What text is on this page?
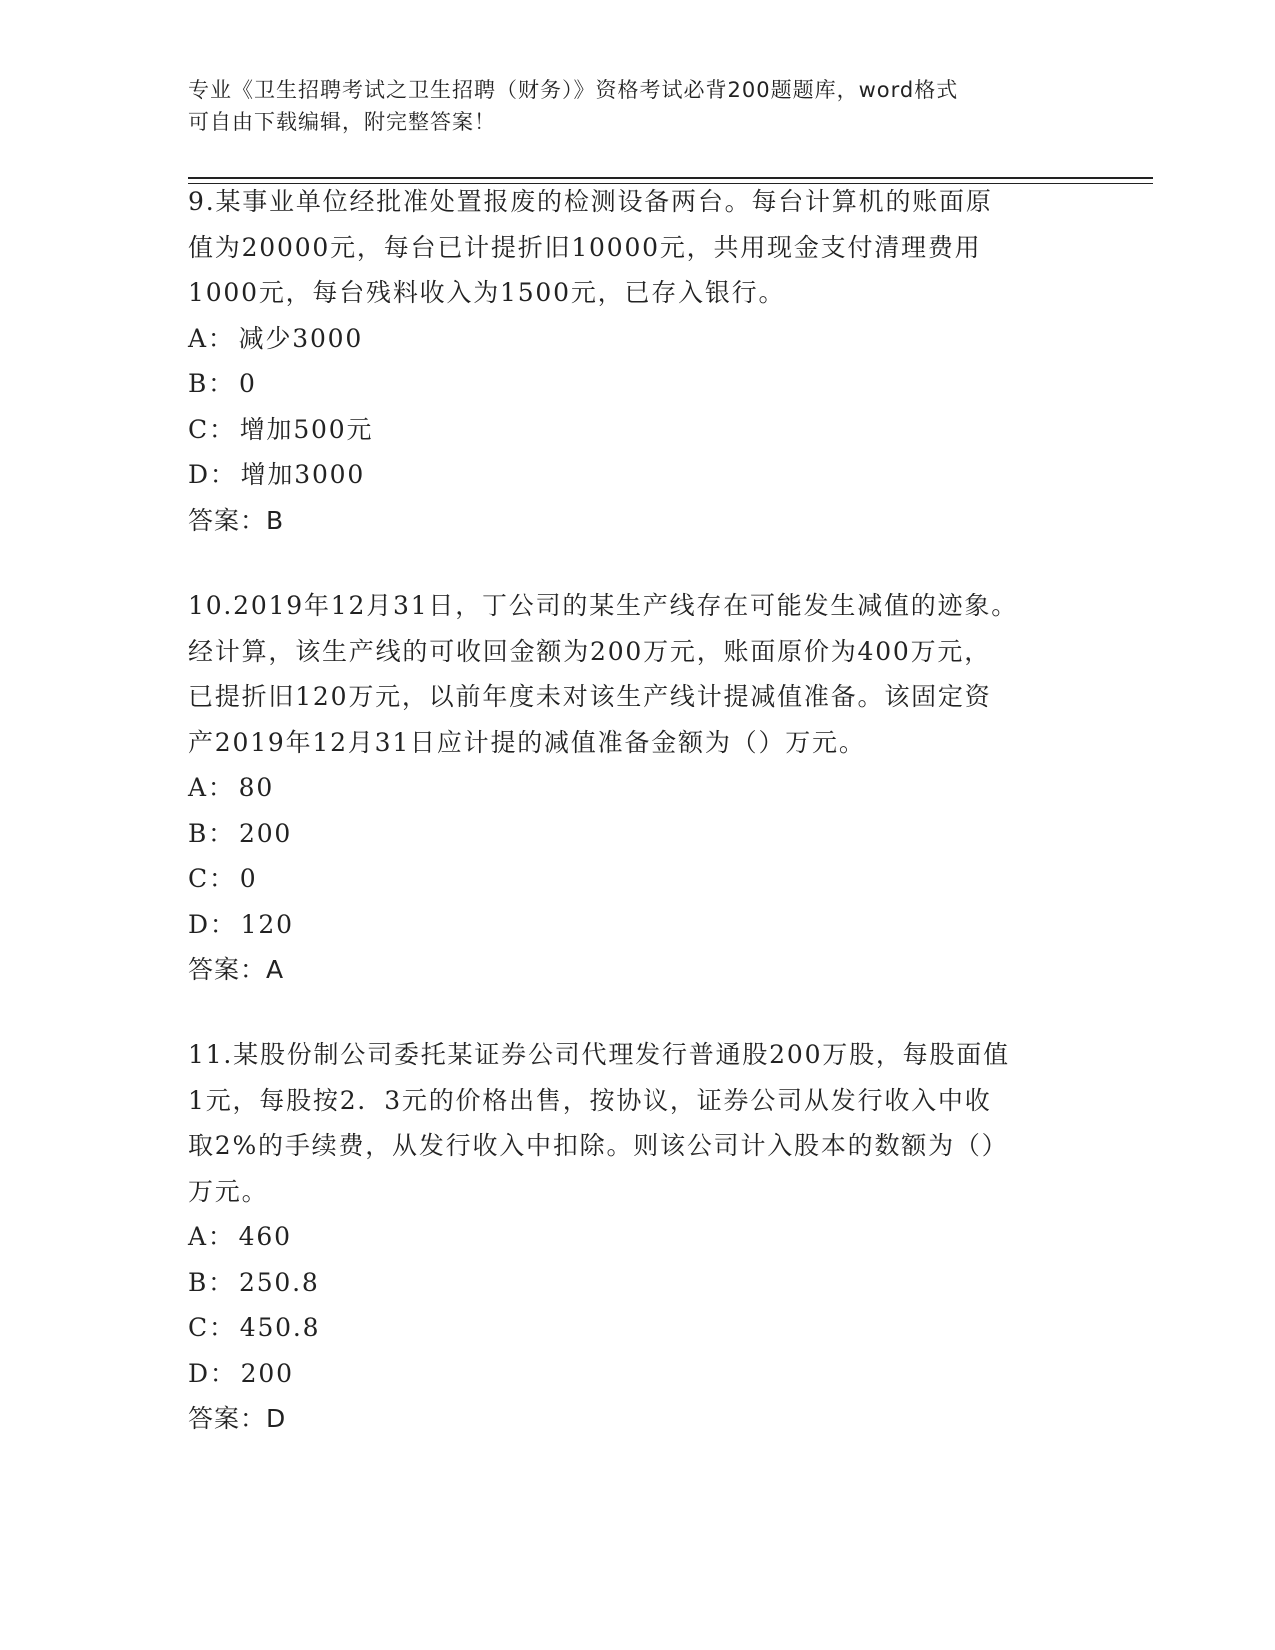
专业《卫生招聘考试之卫生招聘（财务）》资格考试必背200题题库，word格式
可自由下载编辑，附完整答案！

9.某事业单位经批准处置报废的检测设备两台。每台计算机的账面原

值为20000元，每台已计提折旧10000元，共用现金支付清理费用

1000元，每台残料收入为1500元，已存入银行。

A： 减少3000

B： 0

C： 增加500元

D： 增加3000

答案：B

10.2019年12月31日，丁公司的某生产线存在可能发生减值的迹象。

经计算，该生产线的可收回金额为200万元，账面原价为400万元，

已提折旧120万元，以前年度未对该生产线计提减值准备。该固定资

产2019年12月31日应计提的减值准备金额为（）万元。

A： 80

B： 200

C： 0

D： 120

答案：A

11.某股份制公司委托某证券公司代理发行普通股200万股，每股面值

1元，每股按2．3元的价格出售，按协议，证券公司从发行收入中收

取2%的手续费，从发行收入中扣除。则该公司计入股本的数额为（）

万元。

A： 460

B： 250.8

C： 450.8

D： 200

答案：D
